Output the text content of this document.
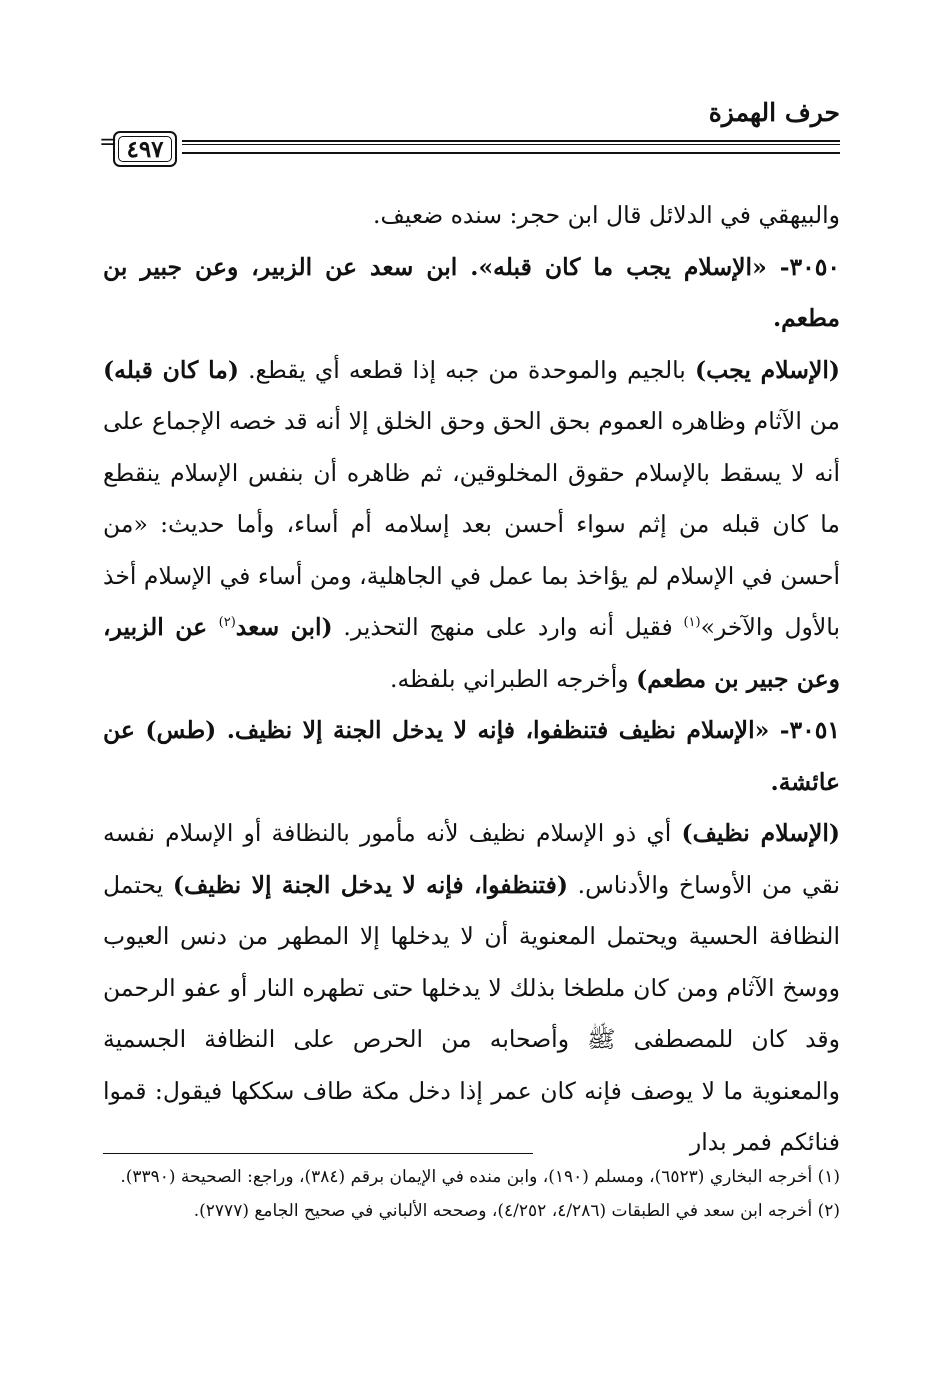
حرف الهمزة
٤٩٧
=

والبيهقي في الدلائل قال ابن حجر: سنده ضعيف.

٣٠٥٠- «الإسلام يجب ما كان قبله». ابن سعد عن الزبير، وعن جبير بن مطعم.

(الإسلام يجب) بالجيم والموحدة من جبه إذا قطعه أي يقطع. (ما كان قبله) من الآثام وظاهره العموم بحق الحق وحق الخلق إلا أنه قد خصه الإجماع على أنه لا يسقط بالإسلام حقوق المخلوقين، ثم ظاهره أن بنفس الإسلام ينقطع ما كان قبله من إثم سواء أحسن بعد إسلامه أم أساء، وأما حديث: «من أحسن في الإسلام لم يؤاخذ بما عمل في الجاهلية، ومن أساء في الإسلام أخذ بالأول والآخر»$^{(١)}$ فقيل أنه وارد على منهج التحذير. (ابن سعد$^{(٢)}$ عن الزبير، وعن جبير بن مطعم) وأخرجه الطبراني بلفظه.

٣٠٥١- «الإسلام نظيف فتنظفوا، فإنه لا يدخل الجنة إلا نظيف. (طس) عن عائشة.

(الإسلام نظيف) أي ذو الإسلام نظيف لأنه مأمور بالنظافة أو الإسلام نفسه نقي من الأوساخ والأدناس. (فتنظفوا، فإنه لا يدخل الجنة إلا نظيف) يحتمل النظافة الحسية ويحتمل المعنوية أن لا يدخلها إلا المطهر من دنس العيوب ووسخ الآثام ومن كان ملطخا بذلك لا يدخلها حتى تطهره النار أو عفو الرحمن وقد كان للمصطفى ﷺ وأصحابه من الحرص على النظافة الجسمية والمعنوية ما لا يوصف فإنه كان عمر إذا دخل مكة طاف سككها فيقول: قموا فنائكم فمر بدار

(١) أخرجه البخاري (٦٥٢٣)، ومسلم (١٩٠)، وابن منده في الإيمان برقم (٣٨٤)، وراجع: الصحيحة (٣٣٩٠).

(٢) أخرجه ابن سعد في الطبقات (٤/٢٨٦، ٤/٢٥٢)، وصححه الألباني في صحيح الجامع (٢٧٧٧).
